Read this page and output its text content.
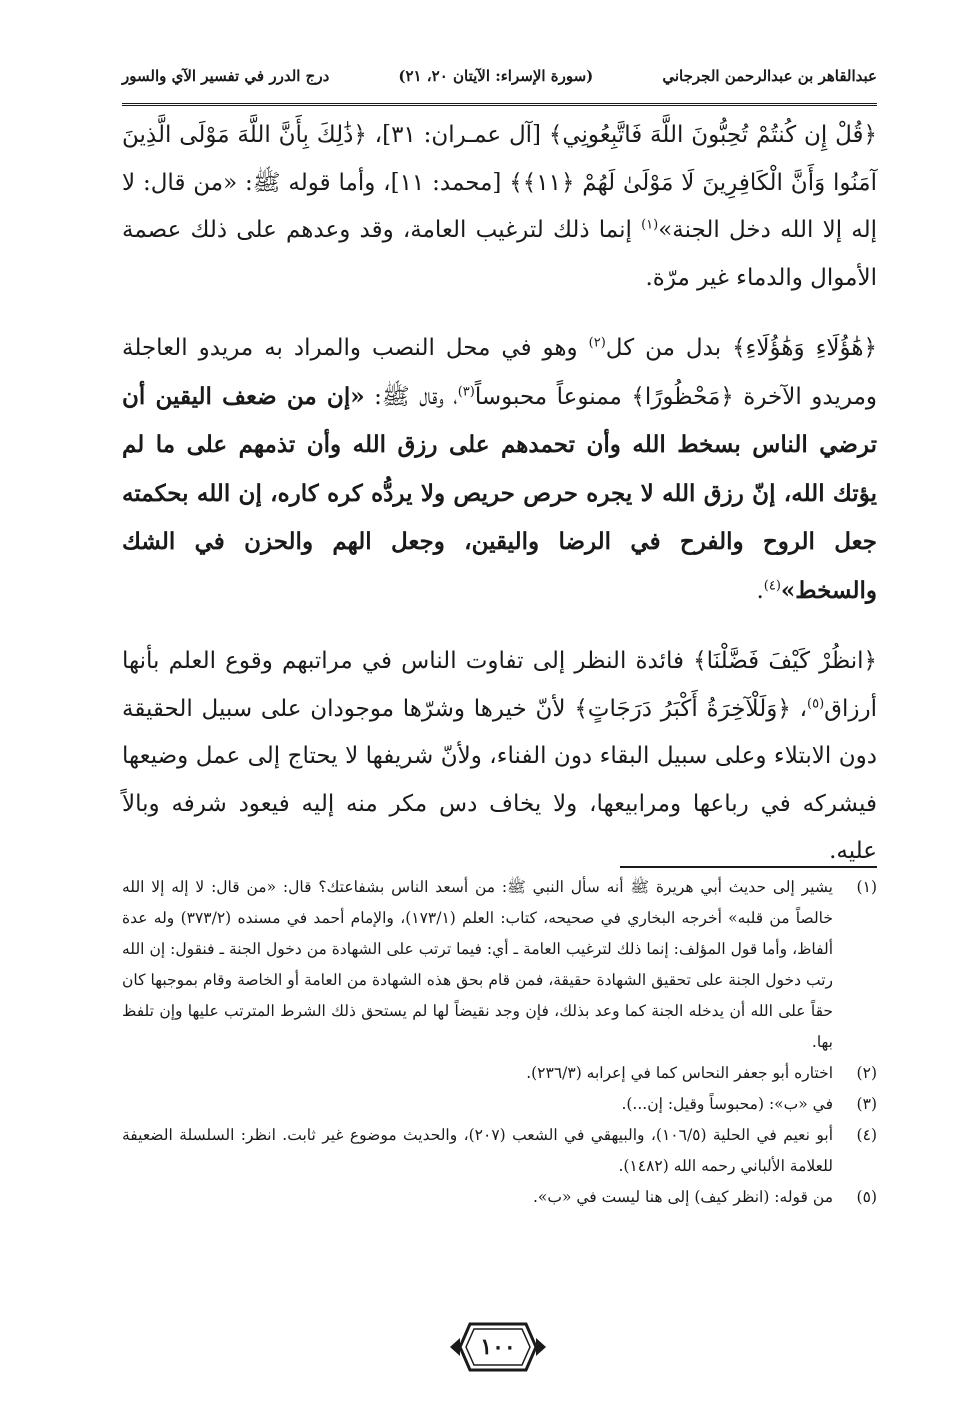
عبدالقاهر بن عبدالرحمن الجرجاني
(سورة الإسراء: الآيتان ٢٠، ٢١)
درج الدرر في تفسير الآي والسور

﴿قُلْ إِن كُنتُمْ تُحِبُّونَ اللَّهَ فَاتَّبِعُونِي﴾ [آل عمـران: ٣١]، ﴿ذَٰلِكَ بِأَنَّ اللَّهَ مَوْلَى الَّذِينَ آمَنُوا وَأَنَّ الْكَافِرِينَ لَا مَوْلَىٰ لَهُمْ ﴿١١﴾﴾ [محمد: ١١]، وأما قوله ﷺ: «من قال: لا إله إلا الله دخل الجنة»$^{(١)}$ إنما ذلك لترغيب العامة، وقد وعدهم على ذلك عصمة الأموال والدماء غير مرّة.

﴿هَٰؤُلَاءِ وَهَٰؤُلَاءِ﴾ بدل من كل$^{(٢)}$ وهو في محل النصب والمراد به مريدو العاجلة ومريدو الآخرة ﴿مَحْظُورًا﴾ ممنوعاً محبوساً$^{(٣)}$، وقال ﷺ: «إن من ضعف اليقين أن ترضي الناس بسخط الله وأن تحمدهم على رزق الله وأن تذمهم على ما لم يؤتك الله، إنّ رزق الله لا يجره حرص حريص ولا يردُّه كره كاره، إن الله بحكمته جعل الروح والفرح في الرضا واليقين، وجعل الهم والحزن في الشك والسخط»$^{(٤)}$.

﴿انظُرْ كَيْفَ فَضَّلْنَا﴾ فائدة النظر إلى تفاوت الناس في مراتبهم وقوع العلم بأنها أرزاق$^{(٥)}$، ﴿وَلَلْآخِرَةُ أَكْبَرُ دَرَجَاتٍ﴾ لأنّ خيرها وشرّها موجودان على سبيل الحقيقة دون الابتلاء وعلى سبيل البقاء دون الفناء، ولأنّ شريفها لا يحتاج إلى عمل وضيعها فيشركه في رباعها ومرابيعها، ولا يخاف دس مكر منه إليه فيعود شرفه وبالاً عليه.

(١)
يشير إلى حديث أبي هريرة ﷺ أنه سأل النبي ﷺ: من أسعد الناس بشفاعتك؟ قال: «من قال: لا إله إلا الله خالصاً من قلبه» أخرجه البخاري في صحيحه، كتاب: العلم (١٧٣/١)، والإمام أحمد في مسنده (٣٧٣/٢) وله عدة ألفاظ، وأما قول المؤلف: إنما ذلك لترغيب العامة ـ أي: فيما ترتب على الشهادة من دخول الجنة ـ فنقول: إن الله رتب دخول الجنة على تحقيق الشهادة حقيقة، فمن قام بحق هذه الشهادة من العامة أو الخاصة وقام بموجبها كان حقاً على الله أن يدخله الجنة كما وعد بذلك، فإن وجد نقيضاً لها لم يستحق ذلك الشرط المترتب عليها وإن تلفظ بها.
(٢)
اختاره أبو جعفر النحاس كما في إعرابه (٢٣٦/٣).
(٣)
في «ب»: (محبوساً وقيل: إن...).
(٤)
أبو نعيم في الحلية (١٠٦/٥)، والبيهقي في الشعب (٢٠٧)، والحديث موضوع غير ثابت. انظر: السلسلة الضعيفة للعلامة الألباني رحمه الله (١٤٨٢).
(٥)
من قوله: (انظر كيف) إلى هنا ليست في «ب».
١٠٠
